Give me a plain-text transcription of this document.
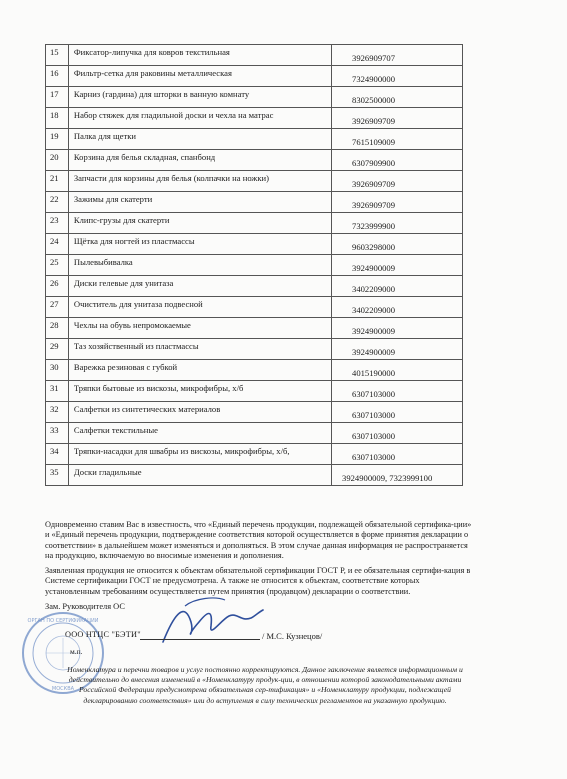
15	Фиксатор-липучка для ковров текстильная	3926909707
16	Фильтр-сетка для раковины металлическая	7324900000
17	Карниз (гардина) для шторки в ванную комнату	8302500000
18	Набор стяжек для гладильной доски и чехла на матрас	3926909709
19	Палка для щетки	7615109009
20	Корзина для белья складная, спанбонд	6307909900
21	Запчасти для корзины для белья (колпачки на ножки)	3926909709
22	Зажимы для скатерти	3926909709
23	Клипс-грузы для скатерти	7323999900
24	Щётка для ногтей из пластмассы	9603298000
25	Пылевыбивалка	3924900009
26	Диски гелевые для унитаза	3402209000
27	Очиститель для унитаза подвесной	3402209000
28	Чехлы на обувь непромокаемые	3924900009
29	Таз хозяйственный из пластмассы	3924900009
30	Варежка резиновая с губкой	4015190000
31	Тряпки бытовые из вискозы, микрофибры, х/б	6307103000
32	Салфетки из синтетических материалов	6307103000
33	Салфетки текстильные	6307103000
34	Тряпки-насадки для швабры из вискозы, микрофибры, х/б,	6307103000
35	Доски гладильные	3924900009, 7323999100

Одновременно ставим Вас в известность, что «Единый перечень продукции, подлежащей обязательной сертифика-ции» и «Единый перечень продукции, подтверждение соответствия которой осуществляется в форме принятия декларации о соответствии» в дальнейшем может изменяться и дополняться. В этом случае данная информация не распространяется на продукцию, включаемую во вносимые изменения и дополнения.

Заявленная продукция не относится к объектам обязательной сертификации ГОСТ Р, и ее обязательная сертифи-кация в Системе сертификации ГОСТ не предусмотрена. А также не относится к объектам, соответствие которых установленным требованиям осуществляется путем принятия (продавцом) декларации о соответствии.

Зам. Руководителя ОС
ОРГАН ПО СЕРТИФИКАЦИИ
МОСКВА
ООО НТЦС "БЭТИ"
м.п.
/ М.С. Кузнецов/

Номенклатура и перечни товаров и услуг постоянно корректируются. Данное заключение является информационным и действительно до внесения изменений в «Номенклатуру продук-ции, в отношении которой законодательными актами Российской Федерации предусмотрена обязательная сер-тификация» и «Номенклатуру продукции, подлежащей декларированию соответствия» или до вступления в силу технических регламентов на указанную продукцию.
